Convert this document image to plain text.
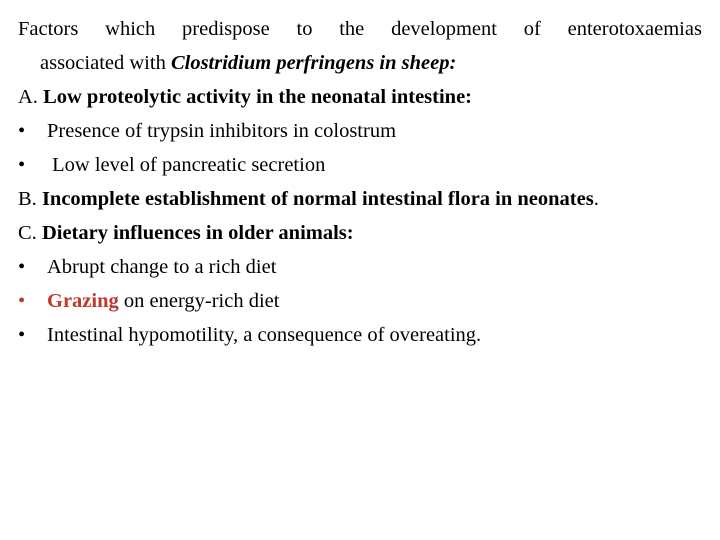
Factors which predispose to the development of enterotoxaemias
associated with Clostridium perfringens in sheep:
A. Low proteolytic activity in the neonatal intestine:
•	Presence of trypsin inhibitors in colostrum
•	Low level of pancreatic secretion
B. Incomplete establishment of normal intestinal flora in neonates.
C. Dietary influences in older animals:
•	Abrupt change to a rich diet
•	Grazing on energy-rich diet
•	Intestinal hypomotility, a consequence of overeating.
